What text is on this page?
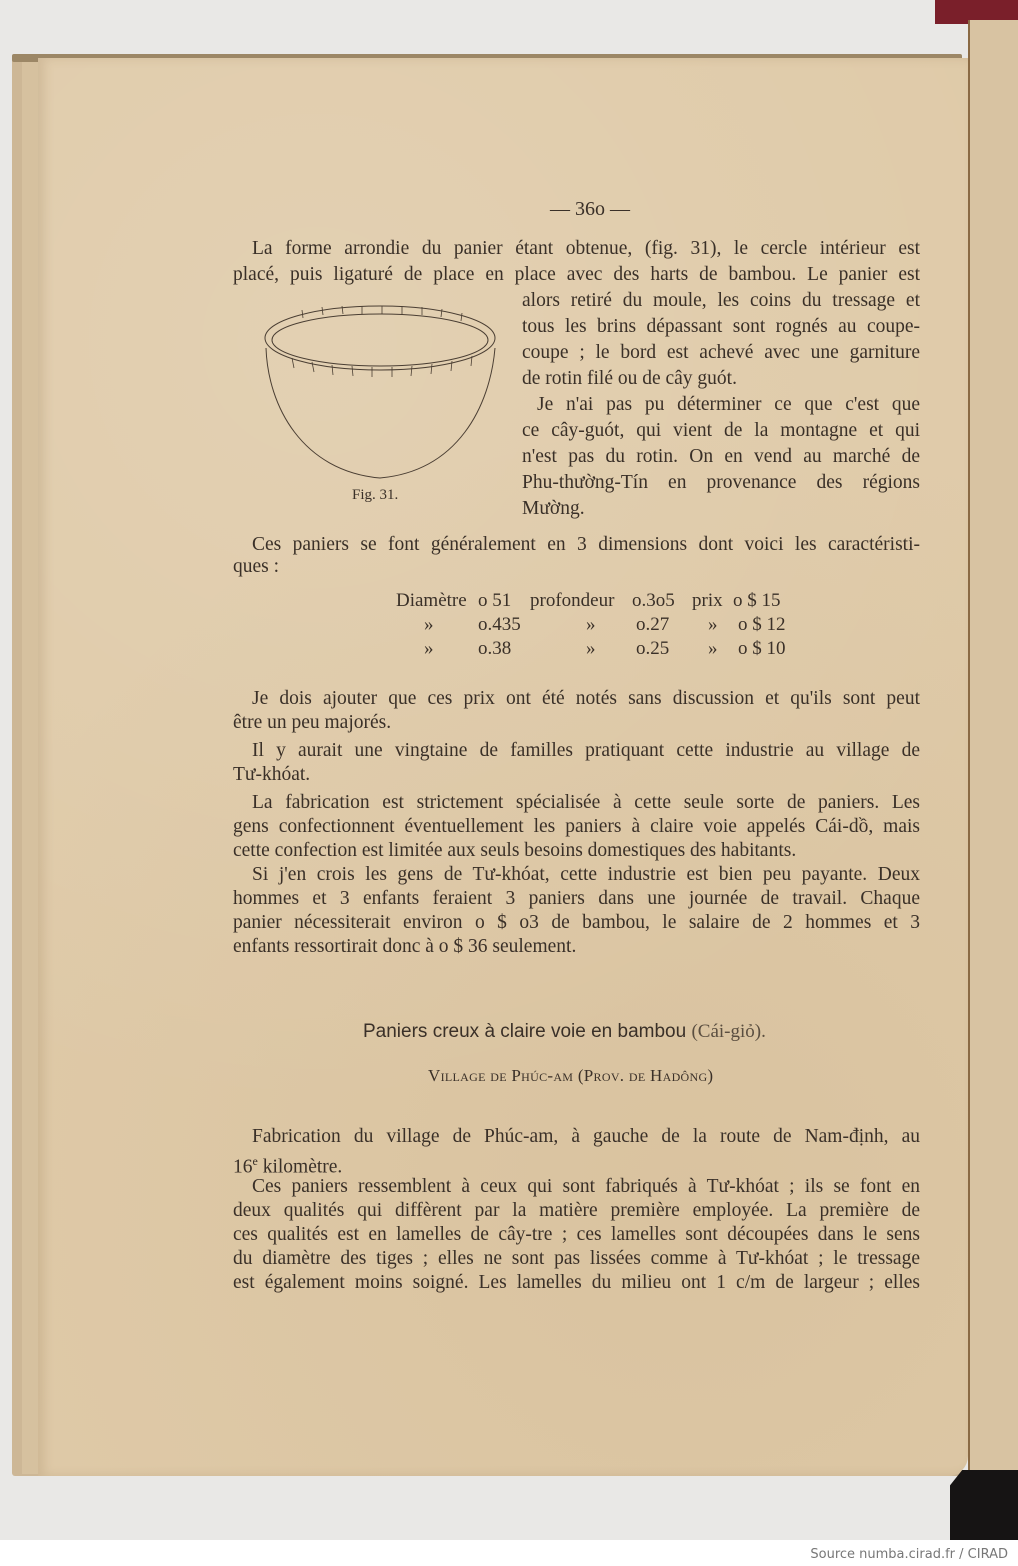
— 36o —
La forme arrondie du panier étant obtenue, (fig. 31), le cercle intérieur est
placé, puis ligaturé de place en place avec des harts de bambou. Le panier est
alors retiré du moule, les coins du tressage et
tous les brins dépassant sont rognés au coupe-
coupe ; le bord est achevé avec une garniture
de rotin filé ou de cây guót.
Je n'ai pas pu déterminer ce que c'est que
ce cây-guót, qui vient de la montagne et qui
n'est pas du rotin. On en vend au marché de
Phu-thường-Tín en provenance des régions
Mường.
Fig. 31.
Ces paniers se font généralement en 3 dimensions dont voici les caractéristi-
ques :
Diamètre o 51 profondeur o.3o5 prix o $ 15
» o.435	» o.27 » o $ 12
» o.38	» o.25 » o $ 10
Je dois ajouter que ces prix ont été notés sans discussion et qu'ils sont peut
être un peu majorés.
Il y aurait une vingtaine de familles pratiquant cette industrie au village de
Tư-khóat.
La fabrication est strictement spécialisée à cette seule sorte de paniers. Les
gens confectionnent éventuellement les paniers à claire voie appelés Cái-dồ, mais
cette confection est limitée aux seuls besoins domestiques des habitants.
Si j'en crois les gens de Tư-khóat, cette industrie est bien peu payante. Deux
hommes et 3 enfants feraient 3 paniers dans une journée de travail. Chaque
panier nécessiterait environ o $ o3 de bambou, le salaire de 2 hommes et 3
enfants ressortirait donc à o $ 36 seulement.
Paniers creux à claire voie en bambou (Cái-giỏ).
Village de Phúc-am (Prov. de Hadông)
Fabrication du village de Phúc-am, à gauche de la route de Nam-định, au
16e kilomètre.
Ces paniers ressemblent à ceux qui sont fabriqués à Tư-khóat ; ils se font en
deux qualités qui diffèrent par la matière première employée. La première de
ces qualités est en lamelles de cây-tre ; ces lamelles sont découpées dans le sens
du diamètre des tiges ; elles ne sont pas lissées comme à Tư-khóat ; le tressage
est également moins soigné. Les lamelles du milieu ont 1 c/m de largeur ; elles
Source numba.cirad.fr / CIRAD
